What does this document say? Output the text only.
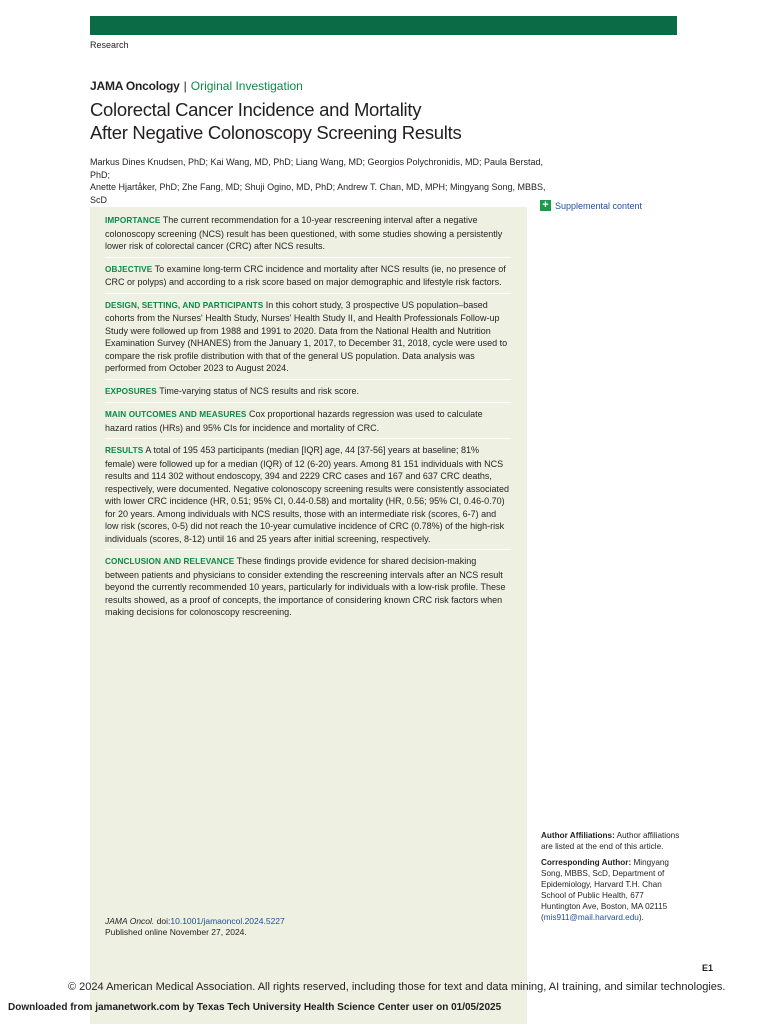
Research
JAMA Oncology | Original Investigation
Colorectal Cancer Incidence and Mortality
After Negative Colonoscopy Screening Results
Markus Dines Knudsen, PhD; Kai Wang, MD, PhD; Liang Wang, MD; Georgios Polychronidis, MD; Paula Berstad, PhD;
Anette Hjartåker, PhD; Zhe Fang, MD; Shuji Ogino, MD, PhD; Andrew T. Chan, MD, MPH; Mingyang Song, MBBS, ScD	+ Supplemental content
IMPORTANCE The current recommendation for a 10-year rescreening interval after a negative colonoscopy screening (NCS) result has been questioned, with some studies showing a persistently lower risk of colorectal cancer (CRC) after NCS results.
OBJECTIVE To examine long-term CRC incidence and mortality after NCS results (ie, no presence of CRC or polyps) and according to a risk score based on major demographic and lifestyle risk factors.
DESIGN, SETTING, AND PARTICIPANTS In this cohort study, 3 prospective US population–based cohorts from the Nurses' Health Study, Nurses' Health Study II, and Health Professionals Follow-up Study were followed up from 1988 and 1991 to 2020. Data from the National Health and Nutrition Examination Survey (NHANES) from the January 1, 2017, to December 31, 2018, cycle were used to compare the risk profile distribution with that of the general US population. Data analysis was performed from October 2023 to August 2024.
EXPOSURES Time-varying status of NCS results and risk score.
MAIN OUTCOMES AND MEASURES Cox proportional hazards regression was used to calculate hazard ratios (HRs) and 95% CIs for incidence and mortality of CRC.
RESULTS A total of 195 453 participants (median [IQR] age, 44 [37-56] years at baseline; 81% female) were followed up for a median (IQR) of 12 (6-20) years. Among 81 151 individuals with NCS results and 114 302 without endoscopy, 394 and 2229 CRC cases and 167 and 637 CRC deaths, respectively, were documented. Negative colonoscopy screening results were consistently associated with lower CRC incidence (HR, 0.51; 95% CI, 0.44-0.58) and mortality (HR, 0.56; 95% CI, 0.46-0.70) for 20 years. Among individuals with NCS results, those with an intermediate risk (scores, 6-7) and low risk (scores, 0-5) did not reach the 10-year cumulative incidence of CRC (0.78%) of the high-risk individuals (scores, 8-12) until 16 and 25 years after initial screening, respectively.
CONCLUSION AND RELEVANCE These findings provide evidence for shared decision-making between patients and physicians to consider extending the rescreening intervals after an NCS result beyond the currently recommended 10 years, particularly for individuals with a low-risk profile. These results showed, as a proof of concepts, the importance of considering known CRC risk factors when making decisions for colonoscopy rescreening.
JAMA Oncol. doi:10.1001/jamaoncol.2024.5227
Published online November 27, 2024.

Author Affiliations: Author affiliations are listed at the end of this article.

Corresponding Author: Mingyang Song, MBBS, ScD, Department of Epidemiology, Harvard T.H. Chan School of Public Health, 677 Huntington Ave, Boston, MA 02115 (mis911@mail.harvard.edu).

E1
© 2024 American Medical Association. All rights reserved, including those for text and data mining, AI training, and similar technologies.
Downloaded from jamanetwork.com by Texas Tech University Health Science Center user on 01/05/2025
